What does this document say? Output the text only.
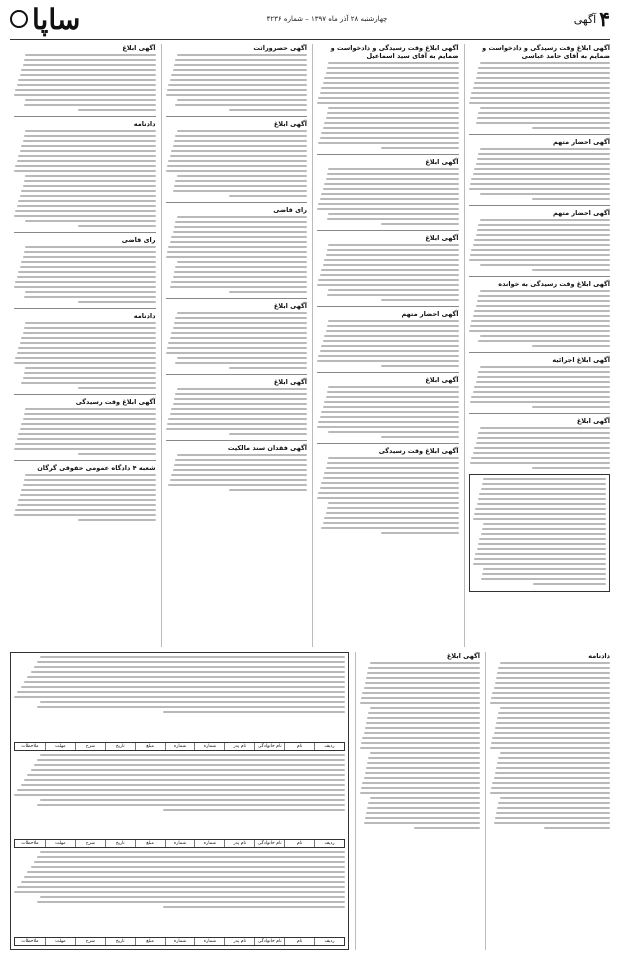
۴
آگهی
چهارشنبه ۲۸ آذر ماه ۱۳۹۷ – شماره ۴۲۳۶
ساپا

آگهی ابلاغ وقت رسیدگی و دادخواست و ضمایم به آقای حامد عباسی

آگهی احضار متهم

آگهی احضار متهم

آگهی ابلاغ وقت رسیدگی به خوانده

آگهی ابلاغ اجرائیه

آگهی ابلاغ

آگهی ابلاغ وقت رسیدگی و دادخواست و ضمایم به آقای سید اسماعیل

آگهی ابلاغ

آگهی ابلاغ

آگهی احضار متهم

آگهی ابلاغ

آگهی ابلاغ وقت رسیدگی

آگهی حصروراثت

آگهی ابلاغ

رای قاضی

آگهی ابلاغ

آگهی ابلاغ

آگهی فقدان سند مالکیت

آگهی ابلاغ

دادنامه

رای قاضی

دادنامه

آگهی ابلاغ وقت رسیدگی

شعبه ۴ دادگاه عمومی حقوقی گرگان

دادنامه

آگهی ابلاغ

ردیف
نام
نام خانوادگی
نام پدر
شماره
شماره
مبلغ
تاریخ
شرح
مهلت
ملاحظات
ردیف
نام
نام خانوادگی
نام پدر
شماره
شماره
مبلغ
تاریخ
شرح
مهلت
ملاحظات
ردیف
نام
نام خانوادگی
نام پدر
شماره
شماره
مبلغ
تاریخ
شرح
مهلت
ملاحظات
